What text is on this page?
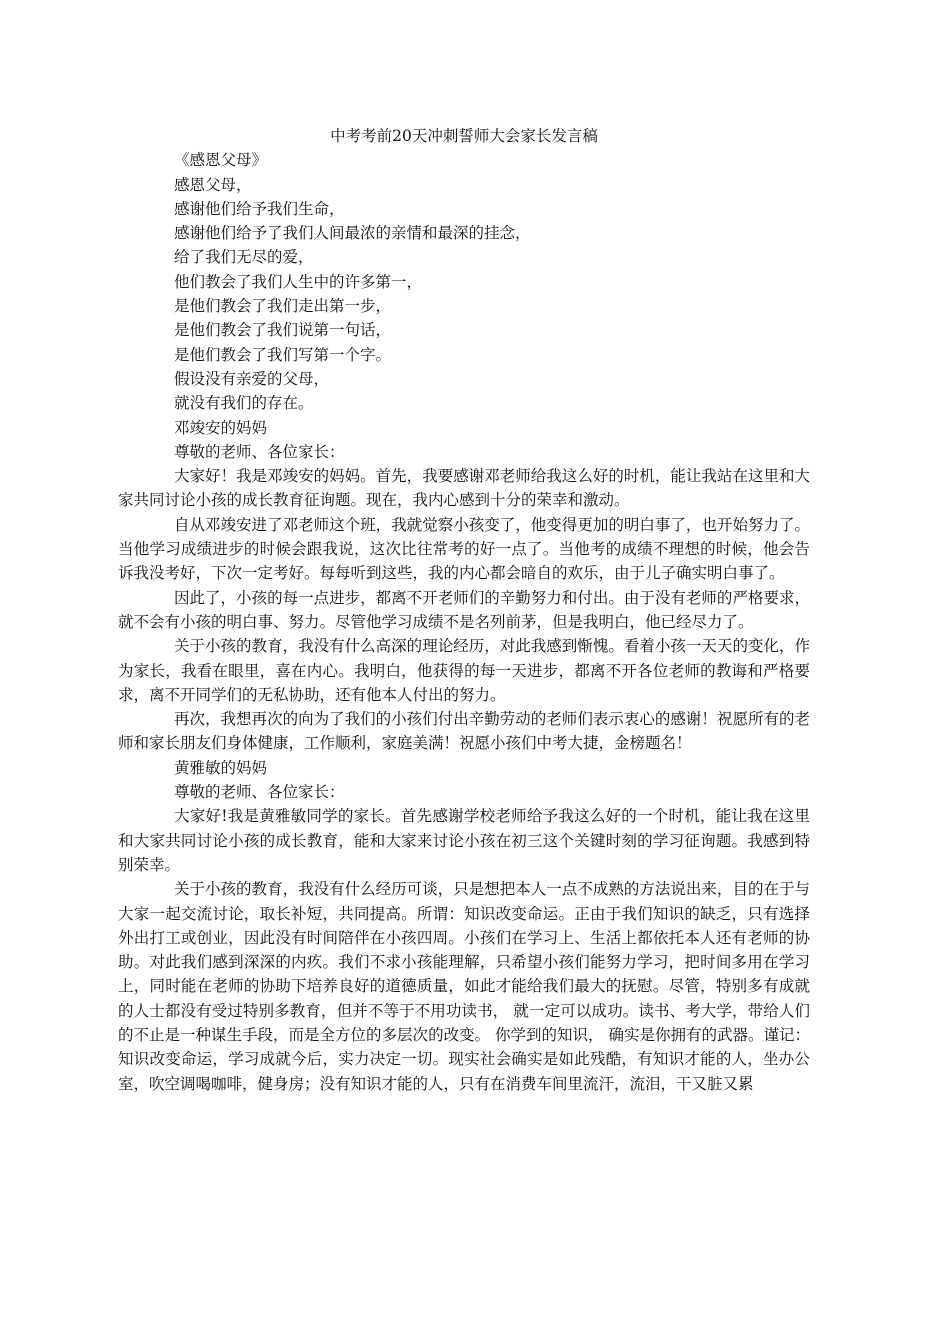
中考考前20天冲刺誓师大会家长发言稿

《感恩父母》

感恩父母，

感谢他们给予我们生命，

感谢他们给予了我们人间最浓的亲情和最深的挂念，

给了我们无尽的爱，

他们教会了我们人生中的许多第一，

是他们教会了我们走出第一步，

是他们教会了我们说第一句话，

是他们教会了我们写第一个字。

假设没有亲爱的父母，

就没有我们的存在。

邓竣安的妈妈

尊敬的老师、各位家长：

大家好！我是邓竣安的妈妈。首先，我要感谢邓老师给我这么好的时机，能让我站在这里和大家共同讨论小孩的成长教育征询题。现在，我内心感到十分的荣幸和激动。

自从邓竣安进了邓老师这个班，我就觉察小孩变了，他变得更加的明白事了，也开始努力了。当他学习成绩进步的时候会跟我说，这次比往常考的好一点了。当他考的成绩不理想的时候，他会告诉我没考好，下次一定考好。每每听到这些，我的内心都会暗自的欢乐，由于儿子确实明白事了。

因此了，小孩的每一点进步，都离不开老师们的辛勤努力和付出。由于没有老师的严格要求，就不会有小孩的明白事、努力。尽管他学习成绩不是名列前茅，但是我明白，他已经尽力了。

关于小孩的教育，我没有什么高深的理论经历，对此我感到惭愧。看着小孩一天天的变化，作为家长，我看在眼里，喜在内心。我明白，他获得的每一天进步，都离不开各位老师的教诲和严格要求，离不开同学们的无私协助，还有他本人付出的努力。

再次，我想再次的向为了我们的小孩们付出辛勤劳动的老师们表示衷心的感谢！祝愿所有的老师和家长朋友们身体健康，工作顺利，家庭美满！祝愿小孩们中考大捷，金榜题名！

黄雅敏的妈妈

尊敬的老师、各位家长：

大家好!我是黄雅敏同学的家长。首先感谢学校老师给予我这么好的一个时机，能让我在这里和大家共同讨论小孩的成长教育，能和大家来讨论小孩在初三这个关键时刻的学习征询题。我感到特别荣幸。

关于小孩的教育，我没有什么经历可谈，只是想把本人一点不成熟的方法说出来，目的在于与大家一起交流讨论，取长补短，共同提高。所谓：知识改变命运。正由于我们知识的缺乏，只有选择外出打工或创业，因此没有时间陪伴在小孩四周。小孩们在学习上、生活上都依托本人还有老师的协助。对此我们感到深深的内疚。我们不求小孩能理解，只希望小孩们能努力学习，把时间多用在学习上，同时能在老师的协助下培养良好的道德质量，如此才能给我们最大的抚慰。尽管，特别多有成就的人士都没有受过特别多教育，但并不等于不用功读书， 就一定可以成功。读书、考大学，带给人们的不止是一种谋生手段，而是全方位的多层次的改变。 你学到的知识， 确实是你拥有的武器。谨记：知识改变命运，学习成就今后，实力决定一切。现实社会确实是如此残酷，有知识才能的人，坐办公室，吹空调喝咖啡，健身房；没有知识才能的人，只有在消费车间里流汗，流泪，干又脏又累
